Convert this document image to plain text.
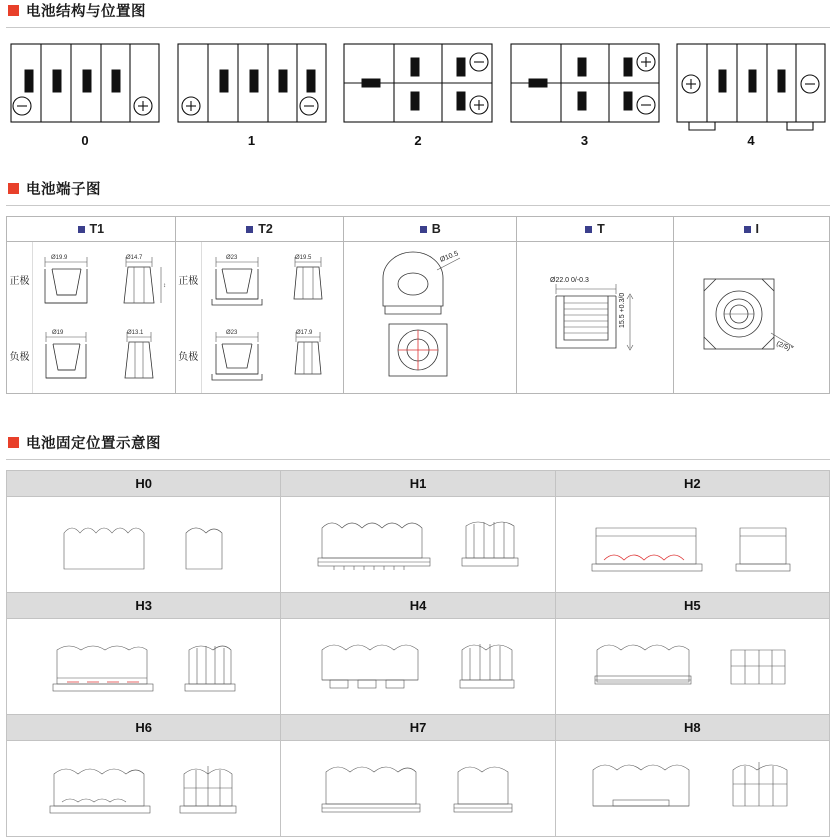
电池结构与位置图
0	1	2	3	4
电池端子图
T1	T2	B	T	I

正极
负极
Ø19.9	Ø14.7
↕
Ø19	Ø13.1

正极
负极
Ø23	Ø19.5
Ø23	Ø17.9

Ø10.5

Ø22.0 0/-0.3
15.5 +0.3/0

(2/5)"
电池固定位置示意图
H0	H1	H2

H3	H4	H5

H6	H7	H8
